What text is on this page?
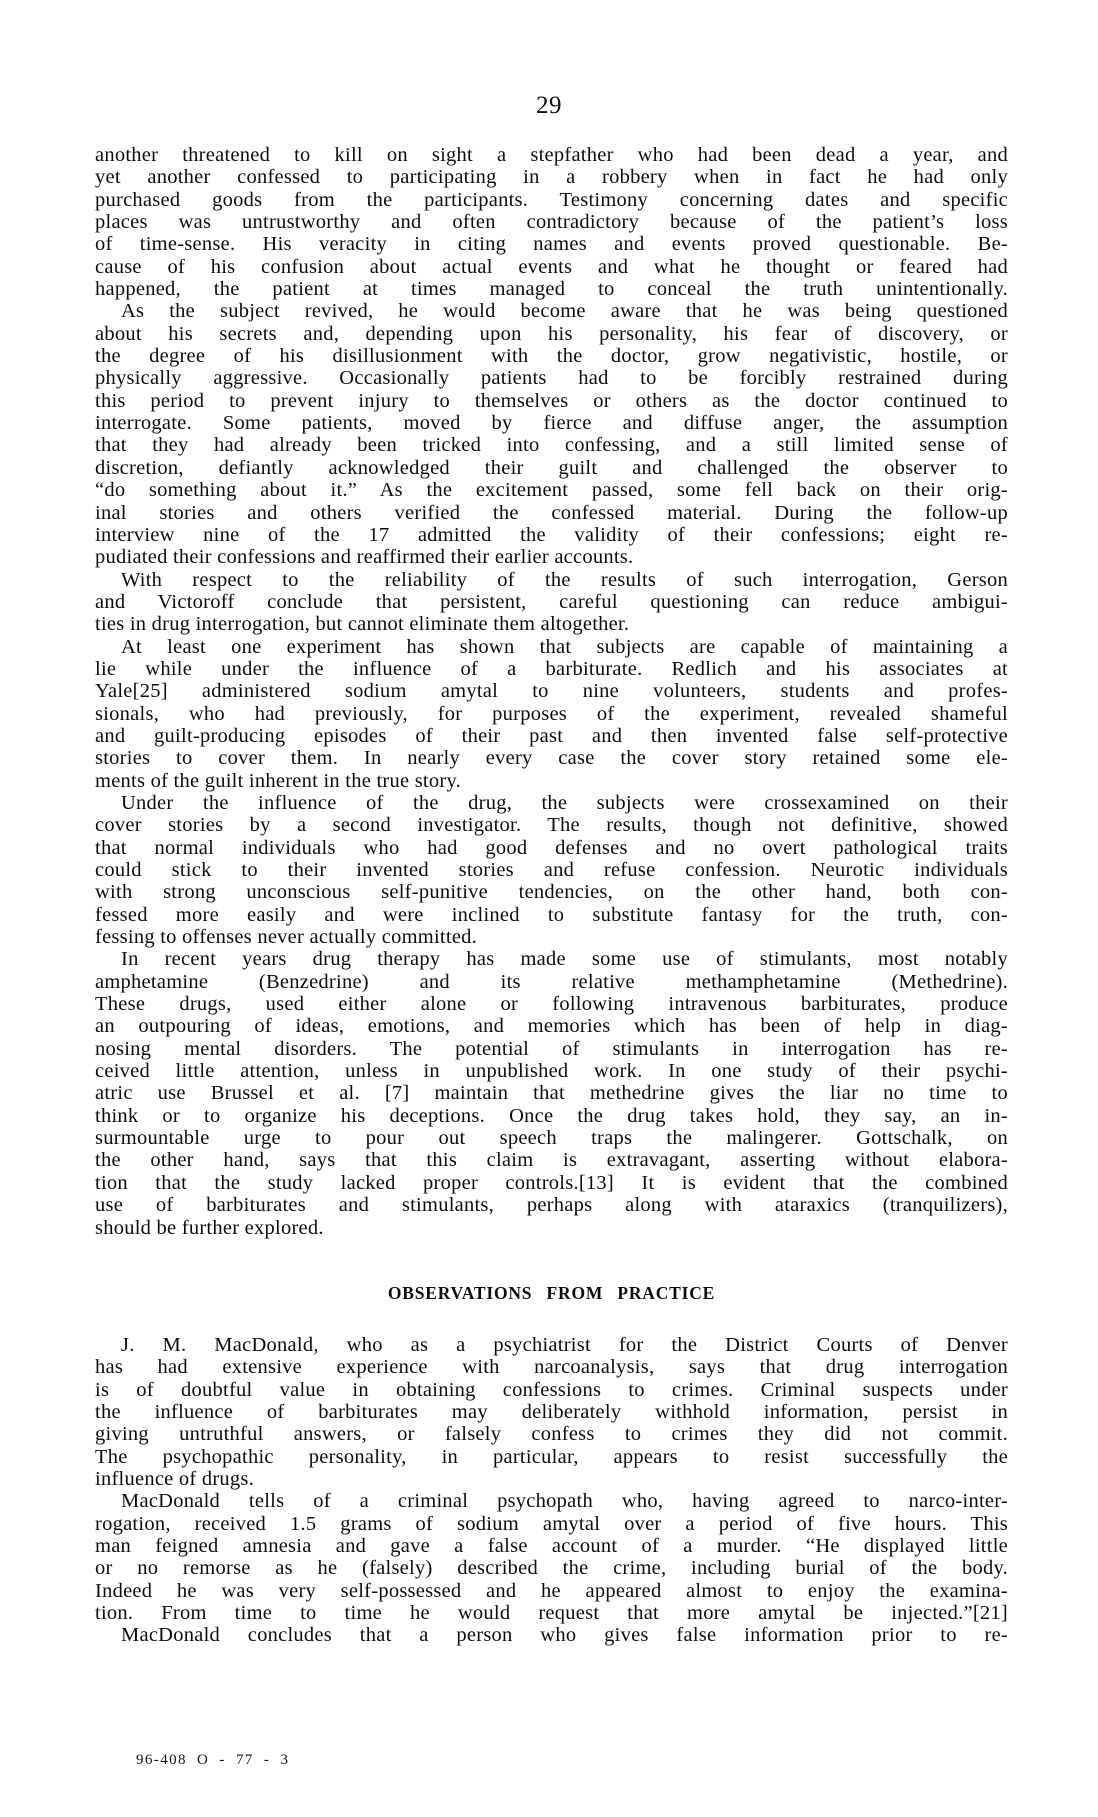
29
another threatened to kill on sight a stepfather who had been dead a year, and
yet another confessed to participating in a robbery when in fact he had only
purchased goods from the participants. Testimony concerning dates and specific
places was untrustworthy and often contradictory because of the patient’s loss
of time-sense. His veracity in citing names and events proved questionable. Be-
cause of his confusion about actual events and what he thought or feared had
happened, the patient at times managed to conceal the truth unintentionally.
As the subject revived, he would become aware that he was being questioned
about his secrets and, depending upon his personality, his fear of discovery, or
the degree of his disillusionment with the doctor, grow negativistic, hostile, or
physically aggressive. Occasionally patients had to be forcibly restrained during
this period to prevent injury to themselves or others as the doctor continued to
interrogate. Some patients, moved by fierce and diffuse anger, the assumption
that they had already been tricked into confessing, and a still limited sense of
discretion, defiantly acknowledged their guilt and challenged the observer to
“do something about it.” As the excitement passed, some fell back on their orig-
inal stories and others verified the confessed material. During the follow-up
interview nine of the 17 admitted the validity of their confessions; eight re-
pudiated their confessions and reaffirmed their earlier accounts.
With respect to the reliability of the results of such interrogation, Gerson
and Victoroff conclude that persistent, careful questioning can reduce ambigui-
ties in drug interrogation, but cannot eliminate them altogether.
At least one experiment has shown that subjects are capable of maintaining a
lie while under the influence of a barbiturate. Redlich and his associates at
Yale[25] administered sodium amytal to nine volunteers, students and profes-
sionals, who had previously, for purposes of the experiment, revealed shameful
and guilt-producing episodes of their past and then invented false self-protective
stories to cover them. In nearly every case the cover story retained some ele-
ments of the guilt inherent in the true story.
Under the influence of the drug, the subjects were crossexamined on their
cover stories by a second investigator. The results, though not definitive, showed
that normal individuals who had good defenses and no overt pathological traits
could stick to their invented stories and refuse confession. Neurotic individuals
with strong unconscious self-punitive tendencies, on the other hand, both con-
fessed more easily and were inclined to substitute fantasy for the truth, con-
fessing to offenses never actually committed.
In recent years drug therapy has made some use of stimulants, most notably
amphetamine (Benzedrine) and its relative methamphetamine (Methedrine).
These drugs, used either alone or following intravenous barbiturates, produce
an outpouring of ideas, emotions, and memories which has been of help in diag-
nosing mental disorders. The potential of stimulants in interrogation has re-
ceived little attention, unless in unpublished work. In one study of their psychi-
atric use Brussel et al. [7] maintain that methedrine gives the liar no time to
think or to organize his deceptions. Once the drug takes hold, they say, an in-
surmountable urge to pour out speech traps the malingerer. Gottschalk, on
the other hand, says that this claim is extravagant, asserting without elabora-
tion that the study lacked proper controls.[13] It is evident that the combined
use of barbiturates and stimulants, perhaps along with ataraxics (tranquilizers),
should be further explored.
OBSERVATIONS FROM PRACTICE
J. M. MacDonald, who as a psychiatrist for the District Courts of Denver
has had extensive experience with narcoanalysis, says that drug interrogation
is of doubtful value in obtaining confessions to crimes. Criminal suspects under
the influence of barbiturates may deliberately withhold information, persist in
giving untruthful answers, or falsely confess to crimes they did not commit.
The psychopathic personality, in particular, appears to resist successfully the
influence of drugs.
MacDonald tells of a criminal psychopath who, having agreed to narco-inter-
rogation, received 1.5 grams of sodium amytal over a period of five hours. This
man feigned amnesia and gave a false account of a murder. “He displayed little
or no remorse as he (falsely) described the crime, including burial of the body.
Indeed he was very self-possessed and he appeared almost to enjoy the examina-
tion. From time to time he would request that more amytal be injected.”[21]
MacDonald concludes that a person who gives false information prior to re-
96-408 O - 77 - 3
